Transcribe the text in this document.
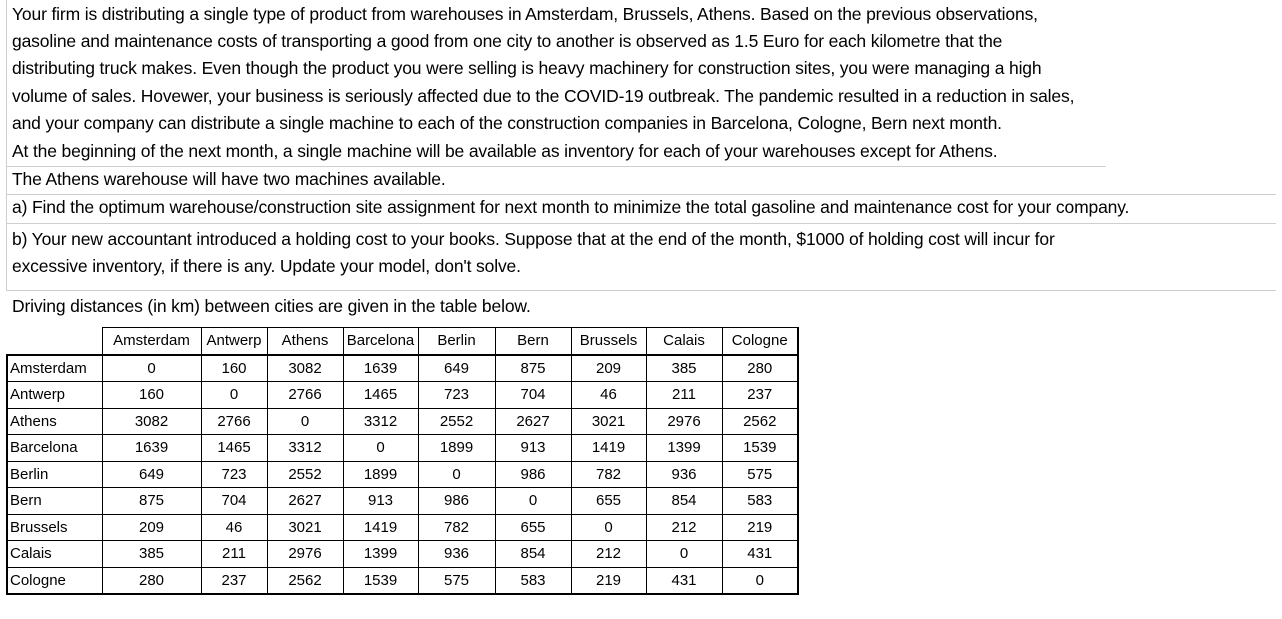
Your firm is distributing a single type of product from warehouses in Amsterdam, Brussels, Athens. Based on the previous observations,
gasoline and maintenance costs of transporting a good from one city to another is observed as 1.5 Euro for each kilometre that the
distributing truck makes. Even though the product you were selling is heavy machinery for construction sites, you were managing a high
volume of sales. Hovewer, your business is seriously affected due to the COVID-19 outbreak. The pandemic resulted in a reduction in sales,
and your company can distribute a single machine to each of the construction companies in Barcelona, Cologne, Bern next month.
At the beginning of the next month, a single machine will be available as inventory for each of your warehouses except for Athens.
The Athens warehouse will have two machines available.
a) Find the optimum warehouse/construction site assignment for next month to minimize the total gasoline and maintenance cost for your company.
b) Your new accountant introduced a holding cost to your books. Suppose that at the end of the month, $1000 of holding cost will incur for
excessive inventory, if there is any. Update your model, don't solve.
Driving distances (in km) between cities are given in the table below.
	Amsterdam	Antwerp	Athens	Barcelona	Berlin	Bern	Brussels	Calais	Cologne
Amsterdam	0	160	3082	1639	649	875	209	385	280
Antwerp	160	0	2766	1465	723	704	46	211	237
Athens	3082	2766	0	3312	2552	2627	3021	2976	2562
Barcelona	1639	1465	3312	0	1899	913	1419	1399	1539
Berlin	649	723	2552	1899	0	986	782	936	575
Bern	875	704	2627	913	986	0	655	854	583
Brussels	209	46	3021	1419	782	655	0	212	219
Calais	385	211	2976	1399	936	854	212	0	431
Cologne	280	237	2562	1539	575	583	219	431	0
